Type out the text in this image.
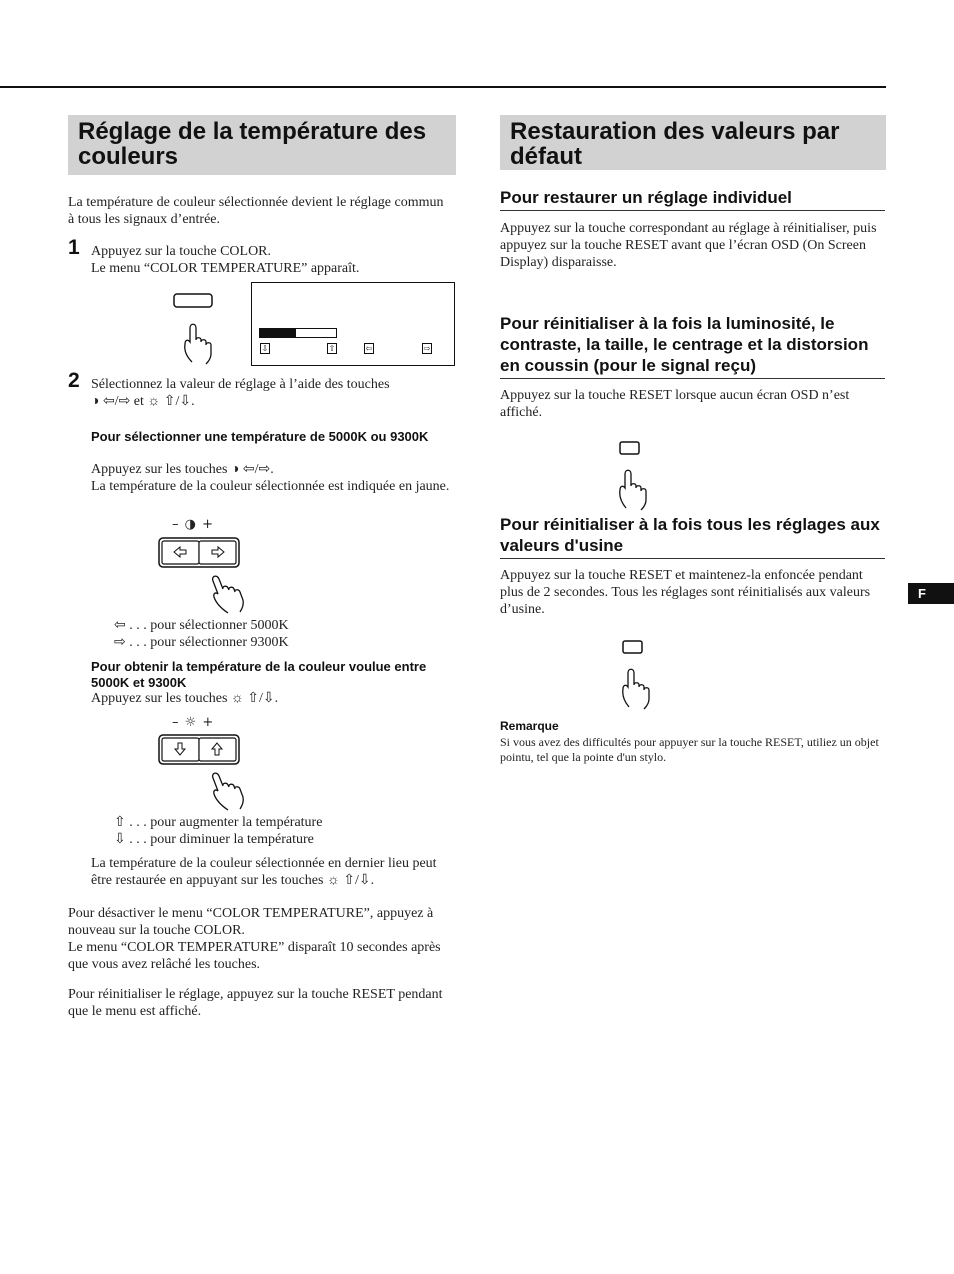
Réglage de la température des couleurs
La température de couleur sélectionnée devient le réglage commun à tous les signaux d’entrée.
1 Appuyez sur la touche COLOR.
Le menu “COLOR TEMPERATURE” apparaît.
⇩	⇧	⇦	⇨
2 Sélectionnez la valeur de réglage à l’aide des touches
◑ ⇦/⇨ et ☼ ⇧/⇩.
Pour sélectionner une température de 5000K ou 9300K
Appuyez sur les touches ◑ ⇦/⇨.
La température de la couleur sélectionnée est indiquée en jaune.
– ◑ +
⇦ . . . pour sélectionner 5000K
⇨ . . . pour sélectionner 9300K
Pour obtenir la température de la couleur voulue entre 5000K et 9300K
Appuyez sur les touches ☼ ⇧/⇩.
– ☼ +
⇧ . . . pour augmenter la température
⇩ . . . pour diminuer la température
La température de la couleur sélectionnée en dernier lieu peut être restaurée en appuyant sur les touches ☼ ⇧/⇩.
Pour désactiver le menu “COLOR TEMPERATURE”, appuyez à nouveau sur la touche COLOR.
Le menu “COLOR TEMPERATURE” disparaît 10 secondes après que vous avez relâché les touches.
Pour réinitialiser le réglage, appuyez sur la touche RESET pendant que le menu est affiché.
Restauration des valeurs par défaut
Pour restaurer un réglage individuel
Appuyez sur la touche correspondant au réglage à réinitialiser, puis appuyez sur la touche RESET avant que l’écran OSD (On Screen Display) disparaisse.
Pour réinitialiser à la fois la luminosité, le contraste, la taille, le centrage et la distorsion en coussin (pour le signal reçu)
Appuyez sur la touche RESET lorsque aucun écran OSD n’est affiché.
Pour réinitialiser à la fois tous les réglages aux valeurs d'usine
Appuyez sur la touche RESET et maintenez-la enfoncée pendant plus de 2 secondes. Tous les réglages sont réinitialisés aux valeurs d’usine.
Remarque
Si vous avez des difficultés pour appuyer sur la touche RESET, utiliez un objet pointu, tel que la pointe d'un stylo.
F
